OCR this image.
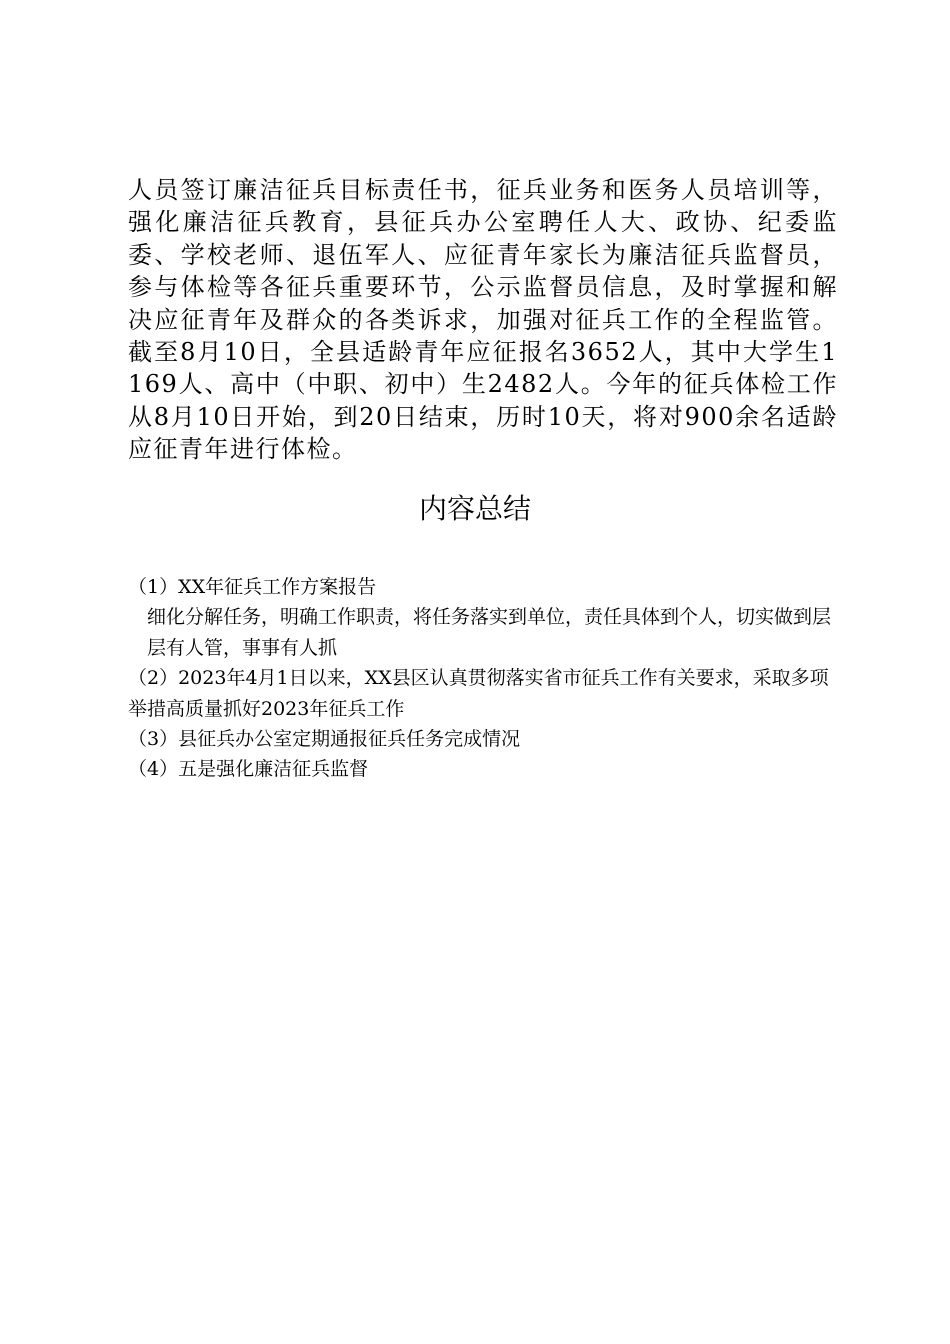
人员签订廉洁征兵目标责任书，征兵业务和医务人员培训等，强化廉洁征兵教育，县征兵办公室聘任人大、政协、纪委监委、学校老师、退伍军人、应征青年家长为廉洁征兵监督员，参与体检等各征兵重要环节，公示监督员信息，及时掌握和解决应征青年及群众的各类诉求，加强对征兵工作的全程监管。截至8月10日，全县适龄青年应征报名3652人，其中大学生1169人、高中（中职、初中）生2482人。今年的征兵体检工作从8月10日开始，到20日结束，历时10天，将对900余名适龄应征青年进行体检。

内容总结

（1）XX年征兵工作方案报告

细化分解任务，明确工作职责，将任务落实到单位，责任具体到个人，切实做到层层有人管，事事有人抓

（2）2023年4月1日以来，XX县区认真贯彻落实省市征兵工作有关要求，采取多项举措高质量抓好2023年征兵工作

（3）县征兵办公室定期通报征兵任务完成情况

（4）五是强化廉洁征兵监督
